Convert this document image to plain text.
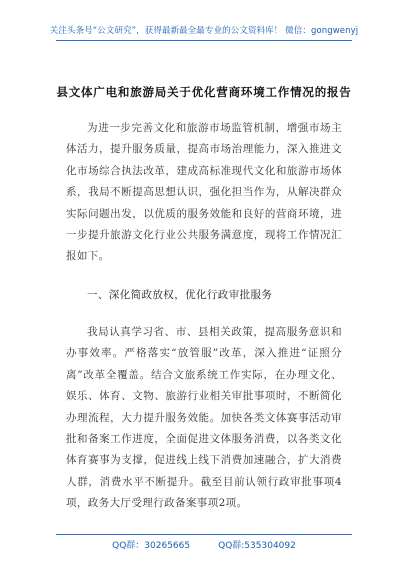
关注头条号“公文研究”，获得最新最全最专业的公文资料库！ 微信：gongwenyj
县文体广电和旅游局关于优化营商环境工作情况的报告

为进一步完善文化和旅游市场监管机制，增强市场主体活力，提升服务质量，提高市场治理能力，深入推进文化市场综合执法改革，建成高标准现代文化和旅游市场体系，我局不断提高思想认识，强化担当作为，从解决群众实际问题出发，以优质的服务效能和良好的营商环境，进一步提升旅游文化行业公共服务满意度，现将工作情况汇报如下。

一、深化简政放权，优化行政审批服务

我局认真学习省、市、县相关政策，提高服务意识和办事效率。严格落实“放管服”改革，深入推进“证照分离”改革全覆盖。结合文旅系统工作实际，在办理文化、娱乐、体育、文物、旅游行业相关审批事项时，不断简化办理流程，大力提升服务效能。加快各类文体赛事活动审批和备案工作进度，全面促进文体服务消费，以各类文化体育赛事为支撑，促进线上线下消费加速融合，扩大消费人群，消费水平不断提升。截至目前认领行政审批事项4项，政务大厅受理行政备案事项2项。

QQ群：30265665	QQ群:535304092
